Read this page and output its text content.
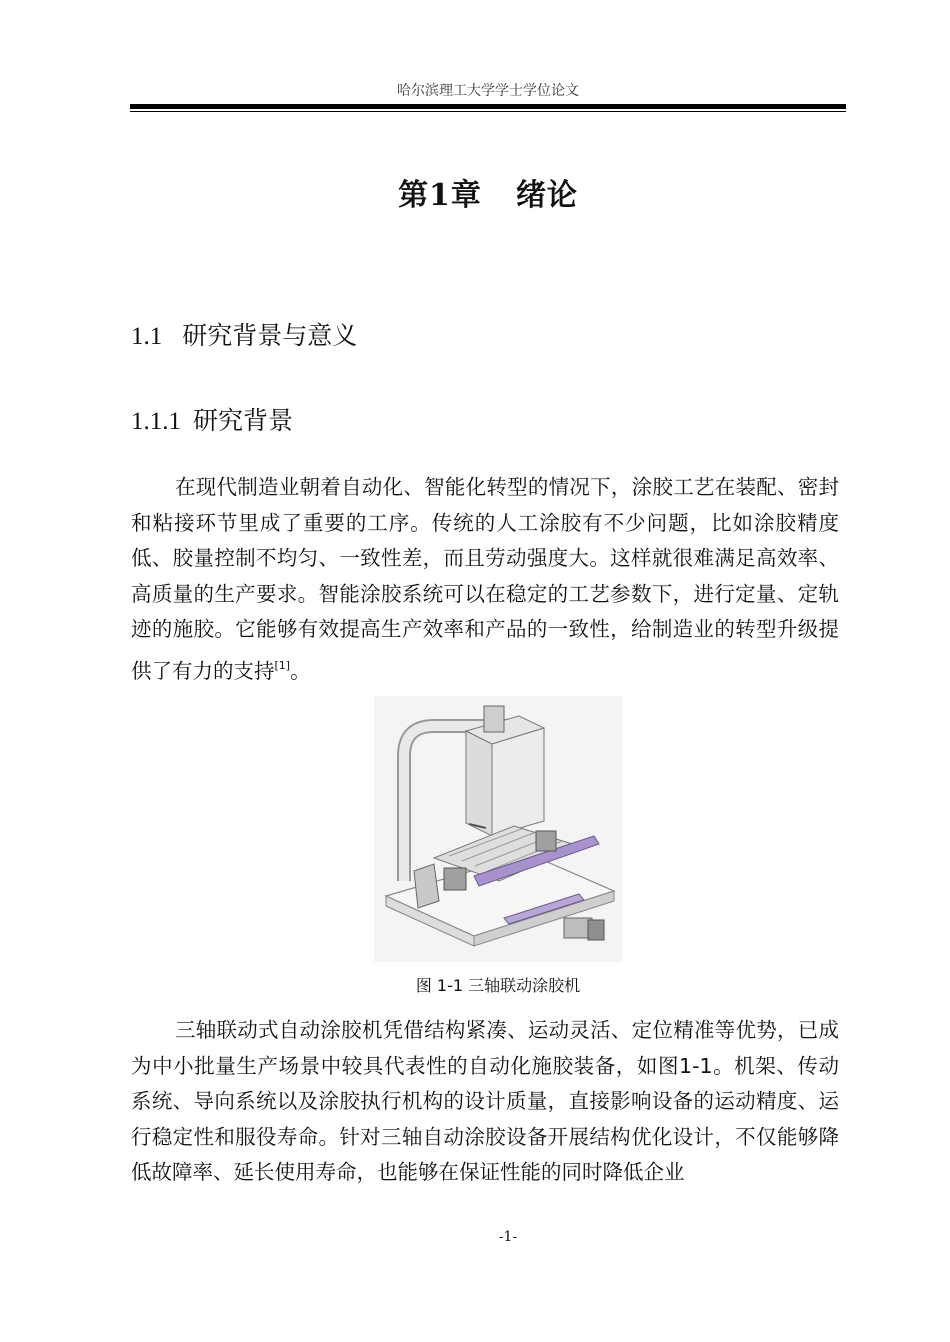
哈尔滨理工大学学士学位论文
第1章 绪论
1.1 研究背景与意义
1.1.1 研究背景
在现代制造业朝着自动化、智能化转型的情况下，涂胶工艺在装配、密封和粘接环节里成了重要的工序。传统的人工涂胶有不少问题，比如涂胶精度低、胶量控制不均匀、一致性差，而且劳动强度大。这样就很难满足高效率、高质量的生产要求。智能涂胶系统可以在稳定的工艺参数下，进行定量、定轨迹的施胶。它能够有效提高生产效率和产品的一致性，给制造业的转型升级提供了有力的支持[1]。
图 1-1 三轴联动涂胶机
三轴联动式自动涂胶机凭借结构紧凑、运动灵活、定位精准等优势，已成为中小批量生产场景中较具代表性的自动化施胶装备，如图1-1。机架、传动系统、导向系统以及涂胶执行机构的设计质量，直接影响设备的运动精度、运行稳定性和服役寿命。针对三轴自动涂胶设备开展结构优化设计，不仅能够降低故障率、延长使用寿命，也能够在保证性能的同时降低企业
-1-
